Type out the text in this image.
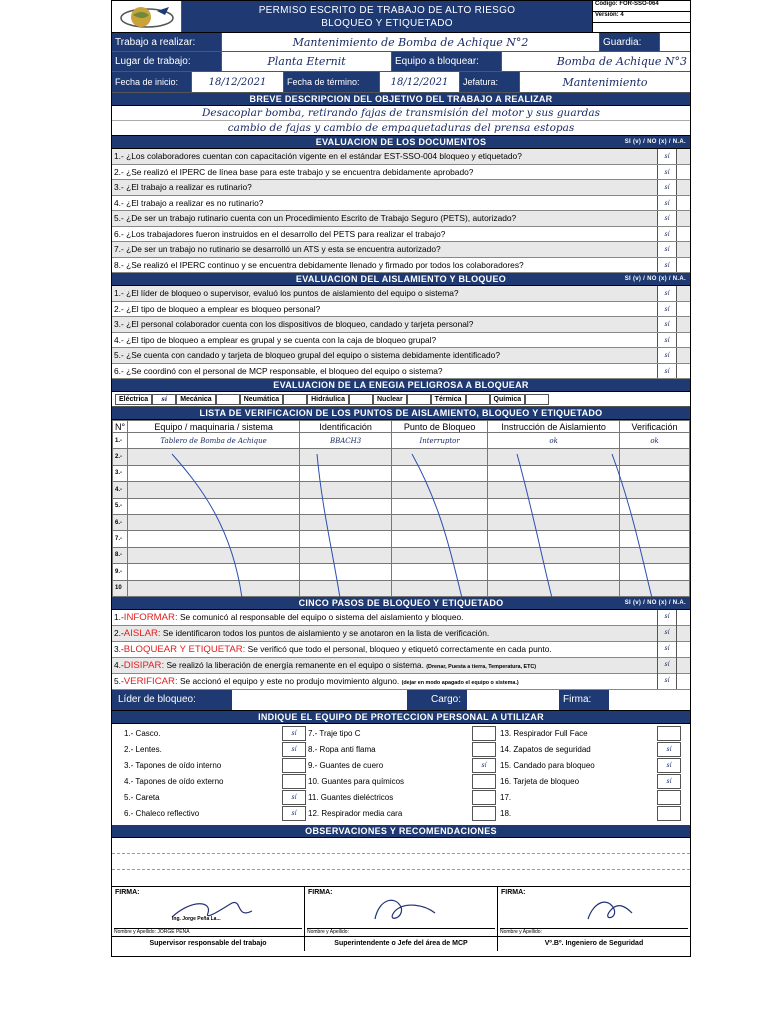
PERMISO ESCRITO DE TRABAJO DE ALTO RIESGO
BLOQUEO Y ETIQUETADO
Código: FOR-SSO-064
Versión: 4
Trabajo a realizar:	Mantenimiento de Bomba de Achique N°2	Guardia:
Lugar de trabajo:	Planta Eternit	Equipo a bloquear:	Bomba de Achique N°3
Fecha de inicio:	18/12/2021	Fecha de término:	18/12/2021	Jefatura:	Mantenimiento
BREVE DESCRIPCION DEL OBJETIVO DEL TRABAJO A REALIZAR
Desacoplar bomba, retirando fajas de transmisión del motor y sus guardas
cambio de fajas y cambio de empaquetaduras del prensa estopas
EVALUACION DE LOS DOCUMENTOS	SI (v) / NO (x) / N.A.
1.- ¿Los colaboradores cuentan con capacitación vigente en el estándar EST-SSO-004 bloqueo y etiquetado?	sí
2.- ¿Se realizó el IPERC de línea base para este trabajo y se encuentra debidamente aprobado?	sí
3.- ¿El trabajo a realizar es rutinario?	sí
4.- ¿El trabajo a realizar es no rutinario?	sí
5.- ¿De ser un trabajo rutinario cuenta con un Procedimiento Escrito de Trabajo Seguro (PETS), autorizado?	sí
6.- ¿Los trabajadores fueron instruidos en el desarrollo del PETS para realizar el trabajo?	sí
7.- ¿De ser un trabajo no rutinario se desarrolló un ATS y esta se encuentra autorizado?	sí
8.- ¿Se realizó el IPERC continuo y se encuentra debidamente llenado y firmado por todos los colaboradores?	sí
EVALUACION DEL AISLAMIENTO Y BLOQUEO	SI (v) / NO (x) / N.A.
1.- ¿El líder de bloqueo o supervisor, evaluó los puntos de aislamiento del equipo o sistema?	sí
2.- ¿El tipo de bloqueo a emplear es bloqueo personal?	sí
3.- ¿El personal colaborador cuenta con los dispositivos de bloqueo, candado y tarjeta personal?	sí
4.- ¿El tipo de bloqueo a emplear es grupal y se cuenta con la caja de bloqueo grupal?	sí
5.- ¿Se cuenta con candado y tarjeta de bloqueo grupal del equipo o sistema debidamente identificado?	sí
6.- ¿Se coordinó con el personal de MCP responsable, el bloqueo del equipo o sistema?	sí
EVALUACION DE LA ENEGIA PELIGROSA A BLOQUEAR
Eléctrica	sí	Mecánica	Neumática	Hidráulica	Nuclear	Térmica	Química
LISTA DE VERIFICACION DE LOS PUNTOS DE AISLAMIENTO, BLOQUEO Y ETIQUETADO
N°	Equipo / maquinaria / sistema	Identificación	Punto de Bloqueo	Instrucción de Aislamiento	Verificación
1.-	Tablero de Bomba de Achique	BBACH3	Interruptor	ok	ok
2.-					
3.-					
4.-					
5.-					
6.-					
7.-					
8.-					
9.-					
10					
CINCO PASOS DE BLOQUEO Y ETIQUETADO	SI (v) / NO (x) / N.A.
1.-INFORMAR: Se comunicó al responsable del equipo o sistema del aislamiento y bloqueo.	sí
2.-AISLAR: Se identificaron todos los puntos de aislamiento y se anotaron en la lista de verificación.	sí
3.-BLOQUEAR Y ETIQUETAR: Se verificó que todo el personal, bloqueo y etiquetó correctamente en cada punto.	sí
4.-DISIPAR: Se realizó la liberación de energía remanente en el equipo o sistema. (Drenar, Puesta a tierra, Temperatura, ETC)	sí
5.-VERIFICAR: Se accionó el equipo y este no produjo movimiento alguno. (dejar en modo apagado el equipo o sistema.)	sí
Líder de bloqueo:	Cargo:	Firma:
INDIQUE EL EQUIPO DE PROTECCION PERSONAL A UTILIZAR
1.- Casco.	sí
2.- Lentes.	sí
3.- Tapones de oído interno
4.- Tapones de oído externo
5.- Careta	sí
6.- Chaleco reflectivo	sí
7.- Traje tipo C
8.- Ropa anti flama
9.- Guantes de cuero	sí
10. Guantes para químicos
11. Guantes dieléctricos
12. Respirador media cara
13. Respirador Full Face
14. Zapatos de seguridad	sí
15. Candado para bloqueo	sí
16. Tarjeta de bloqueo	sí
17.
18.
OBSERVACIONES Y RECOMENDACIONES
FIRMA:
Ing. Jorge Peña La...
Nombre y Apellido: JORGE PEÑA
FIRMA:
Nombre y Apellido:
FIRMA:
Nombre y Apellido:
Supervisor responsable del trabajo	Superintendente o Jefe del área de MCP	Vº.Bº. Ingeniero de Seguridad
